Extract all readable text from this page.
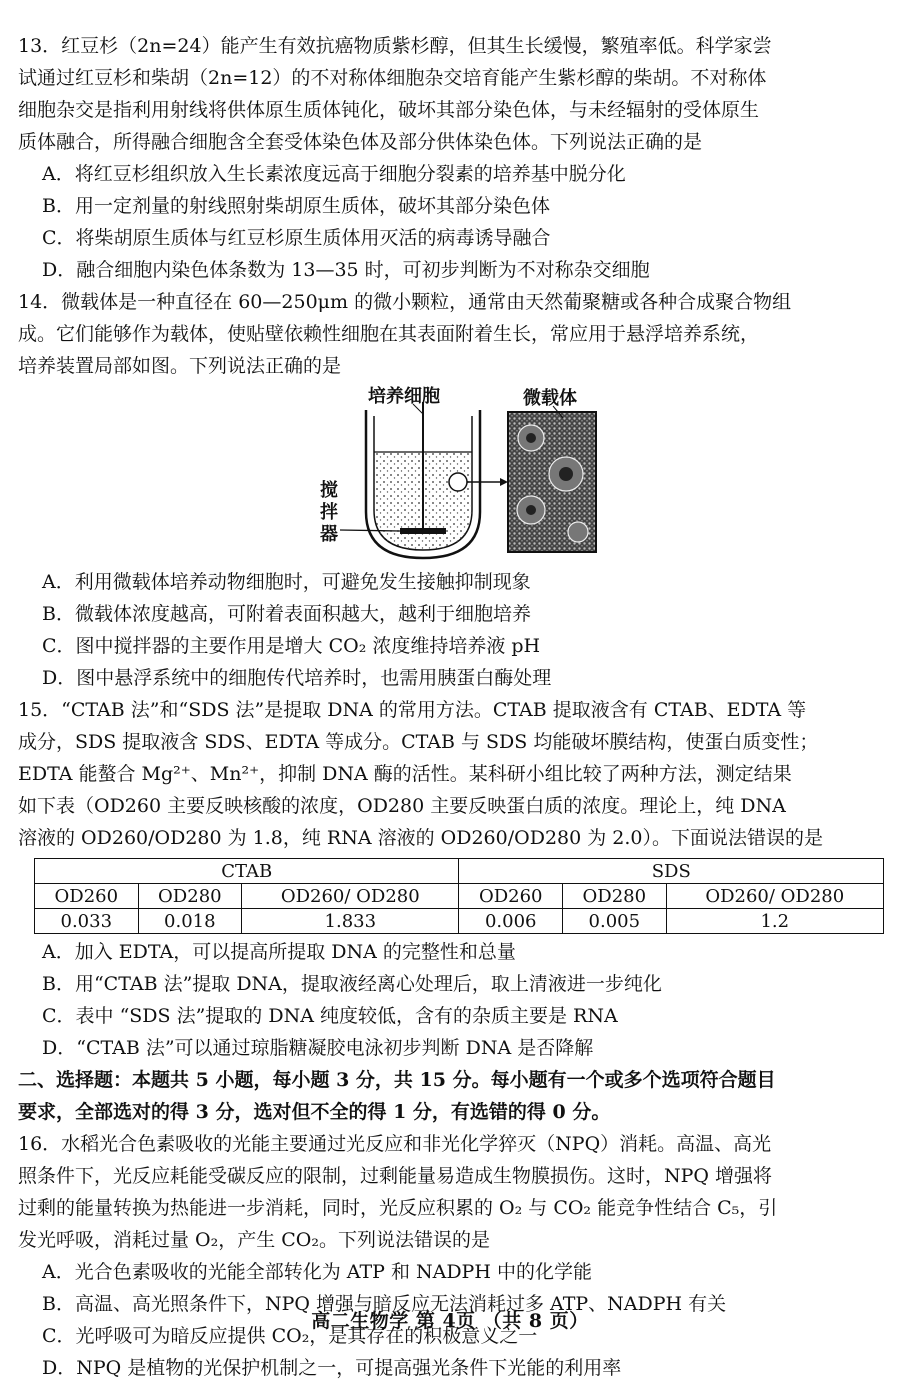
13．红豆杉（2n=24）能产生有效抗癌物质紫杉醇，但其生长缓慢，繁殖率低。科学家尝

试通过红豆杉和柴胡（2n=12）的不对称体细胞杂交培育能产生紫杉醇的柴胡。不对称体

细胞杂交是指利用射线将供体原生质体钝化，破坏其部分染色体，与未经辐射的受体原生

质体融合，所得融合细胞含全套受体染色体及部分供体染色体。下列说法正确的是

A．将红豆杉组织放入生长素浓度远高于细胞分裂素的培养基中脱分化

B．用一定剂量的射线照射柴胡原生质体，破坏其部分染色体

C．将柴胡原生质体与红豆杉原生质体用灭活的病毒诱导融合

D．融合细胞内染色体条数为 13—35 时，可初步判断为不对称杂交细胞

14．微载体是一种直径在 60—250μm 的微小颗粒，通常由天然葡聚糖或各种合成聚合物组

成。它们能够作为载体，使贴壁依赖性细胞在其表面附着生长，常应用于悬浮培养系统，

培养装置局部如图。下列说法正确的是

培养细胞	微载体
搅拌器

A．利用微载体培养动物细胞时，可避免发生接触抑制现象

B．微载体浓度越高，可附着表面积越大，越利于细胞培养

C．图中搅拌器的主要作用是增大 CO₂ 浓度维持培养液 pH

D．图中悬浮系统中的细胞传代培养时，也需用胰蛋白酶处理

15．“CTAB 法”和“SDS 法”是提取 DNA 的常用方法。CTAB 提取液含有 CTAB、EDTA 等

成分，SDS 提取液含 SDS、EDTA 等成分。CTAB 与 SDS 均能破坏膜结构，使蛋白质变性；

EDTA 能螯合 Mg²⁺、Mn²⁺，抑制 DNA 酶的活性。某科研小组比较了两种方法，测定结果

如下表（OD260 主要反映核酸的浓度，OD280 主要反映蛋白质的浓度。理论上，纯 DNA

溶液的 OD260/OD280 为 1.8，纯 RNA 溶液的 OD260/OD280 为 2.0）。下面说法错误的是

CTAB			SDS		
OD260	OD280	OD260/ OD280	OD260	OD280	OD260/ OD280
0.033	0.018	1.833	0.006	0.005	1.2

A．加入 EDTA，可以提高所提取 DNA 的完整性和总量

B．用“CTAB 法”提取 DNA，提取液经离心处理后，取上清液进一步纯化

C．表中 “SDS 法”提取的 DNA 纯度较低，含有的杂质主要是 RNA

D．“CTAB 法”可以通过琼脂糖凝胶电泳初步判断 DNA 是否降解

二、选择题：本题共 5 小题，每小题 3 分，共 15 分。每小题有一个或多个选项符合题目

要求，全部选对的得 3 分，选对但不全的得 1 分，有选错的得 0 分。

16．水稻光合色素吸收的光能主要通过光反应和非光化学猝灭（NPQ）消耗。高温、高光

照条件下，光反应耗能受碳反应的限制，过剩能量易造成生物膜损伤。这时，NPQ 增强将

过剩的能量转换为热能进一步消耗，同时，光反应积累的 O₂ 与 CO₂ 能竞争性结合 C₅，引

发光呼吸，消耗过量 O₂，产生 CO₂。下列说法错误的是

A．光合色素吸收的光能全部转化为 ATP 和 NADPH 中的化学能

B．高温、高光照条件下，NPQ 增强与暗反应无法消耗过多 ATP、NADPH 有关

C．光呼吸可为暗反应提供 CO₂，是其存在的积极意义之一

D．NPQ 是植物的光保护机制之一，可提高强光条件下光能的利用率

高二生物学 第 4页 （共 8 页）
